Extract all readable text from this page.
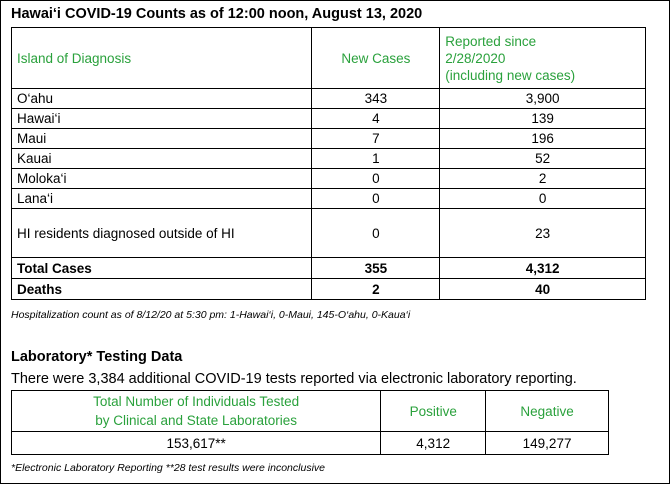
Hawai‘i COVID-19 Counts as of 12:00 noon, August 13, 2020
Island of Diagnosis	New Cases	Reported since
2/28/2020
(including new cases)

O‘ahu	343	3,900
Hawai‘i	4	139
Maui	7	196
Kauai	1	52
Moloka‘i	0	2
Lana‘i	0	0
HI residents diagnosed outside of HI	0	23
Total Cases	355	4,312
Deaths	2	40
Hospitalization count as of 8/12/20 at 5:30 pm: 1-Hawai‘i, 0-Maui, 145-O‘ahu, 0-Kaua‘i
Laboratory* Testing Data
There were 3,384 additional COVID-19 tests reported via electronic laboratory reporting.
Total Number of Individuals Tested
by Clinical and State Laboratories	Positive	Negative
153,617**	4,312	149,277
*Electronic Laboratory Reporting **28 test results were inconclusive
